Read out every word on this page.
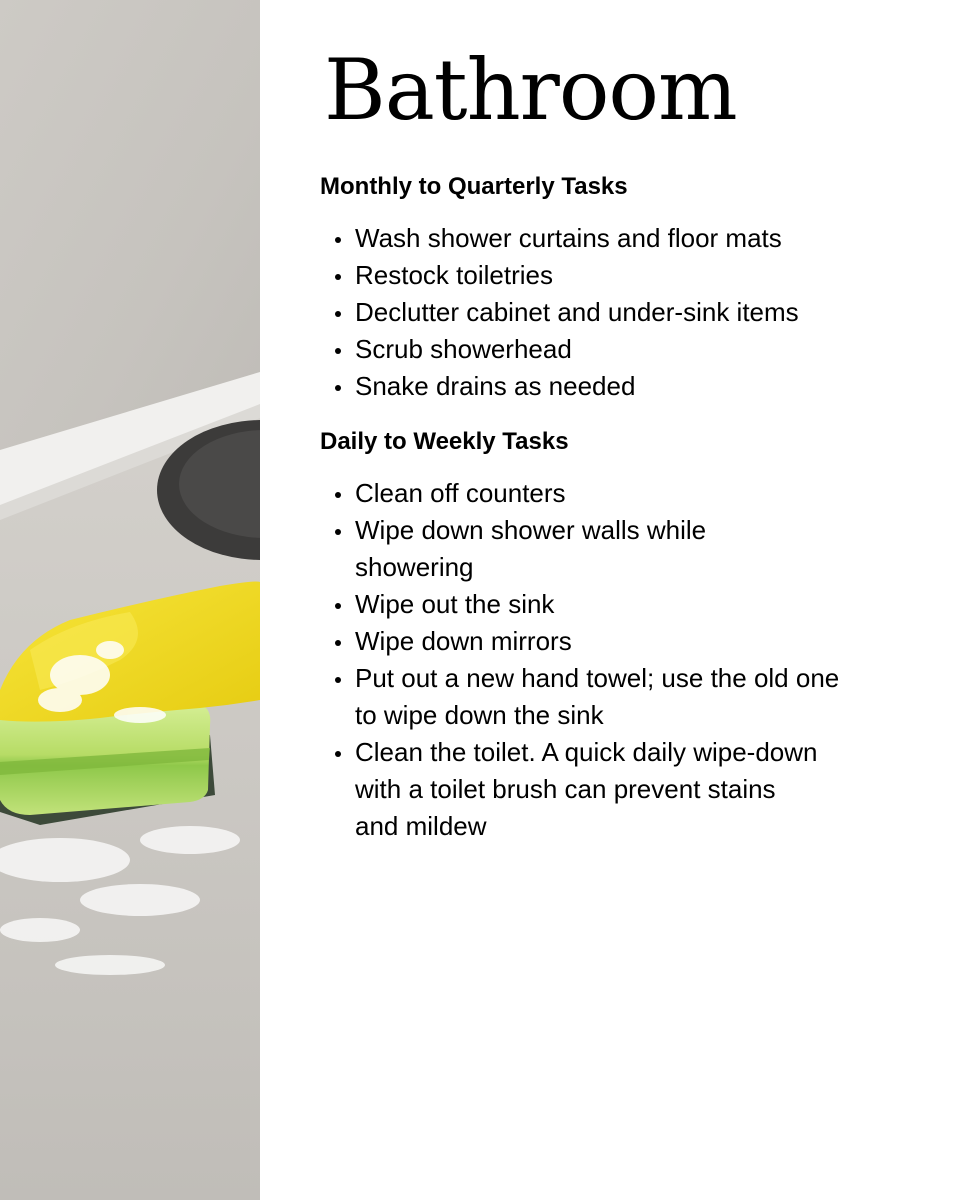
Bathroom
Monthly to Quarterly Tasks
Wash shower curtains and floor mats
Restock toiletries
Declutter cabinet and under-sink items
Scrub showerhead
Snake drains as needed
Daily to Weekly Tasks
Clean off counters
Wipe down shower walls while showering
Wipe out the sink
Wipe down mirrors
Put out a new hand towel; use the old one to wipe down the sink
Clean the toilet. A quick daily wipe-down with a toilet brush can prevent stains and mildew
